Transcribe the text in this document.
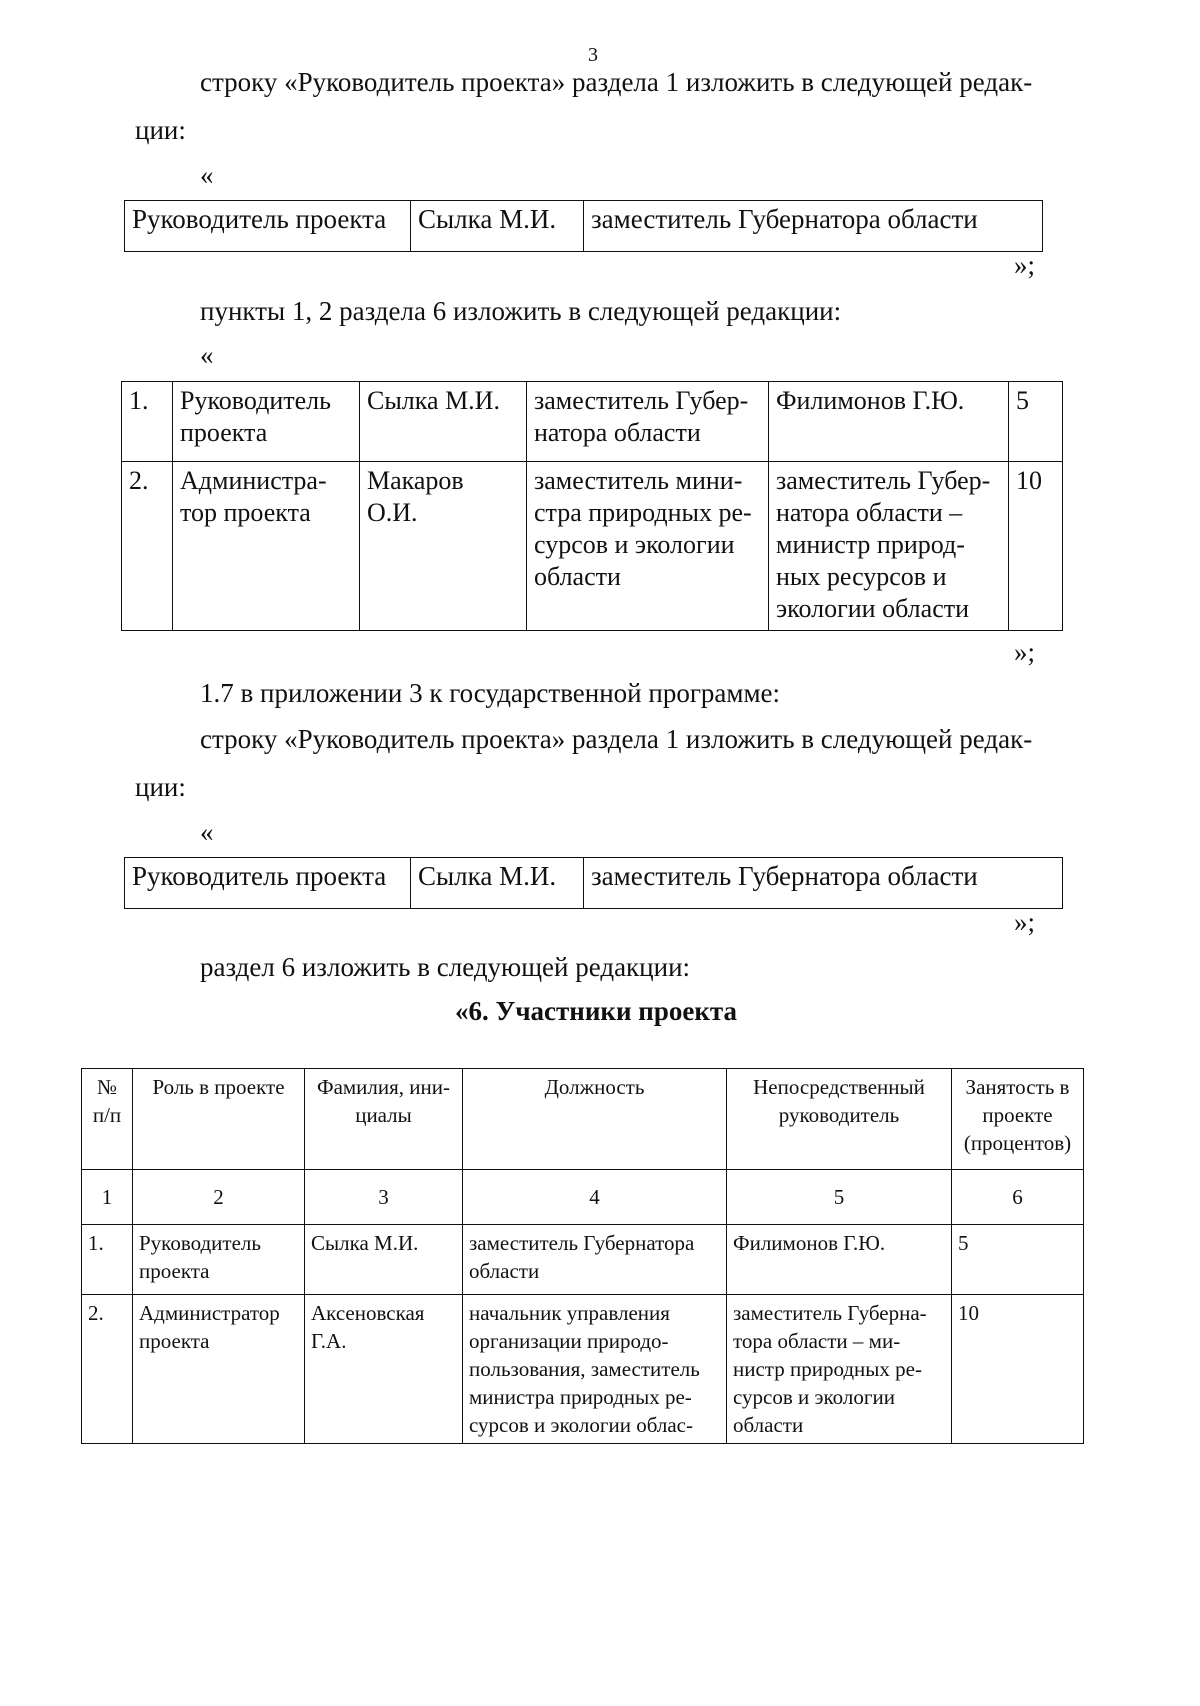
3
строку «Руководитель проекта» раздела 1 изложить в следующей редак-
ции:
«
Руководитель проекта	Сылка М.И.	заместитель Губернатора области
»;
пункты 1, 2 раздела 6 изложить в следующей редакции:
«
1.	Руководитель проекта	Сылка М.И.	заместитель Губер-натора области	Филимонов Г.Ю.	5
2.	Администра-тор проекта	Макаров О.И.	заместитель мини-стра природных ре-сурсов и экологии области	заместитель Губер-натора области – министр природ-ных ресурсов и экологии области	10
»;
1.7 в приложении 3 к государственной программе:
строку «Руководитель проекта» раздела 1 изложить в следующей редак-
ции:
«
Руководитель проекта	Сылка М.И.	заместитель Губернатора области
»;
раздел 6 изложить в следующей редакции:
«6. Участники проекта
№ п/п	Роль в проекте	Фамилия, ини-циалы	Должность	Непосредственный руководитель	Занятость в проекте (процентов)
1	2	3	4	5	6
1.	Руководитель проекта	Сылка М.И.	заместитель Губернатора области	Филимонов Г.Ю.	5
2.	Администратор проекта	Аксеновская Г.А.	начальник управления организации природо-пользования, заместитель министра природных ре-сурсов и экологии облас-	заместитель Губерна-тора области – ми-нистр природных ре-сурсов и экологии области	10
